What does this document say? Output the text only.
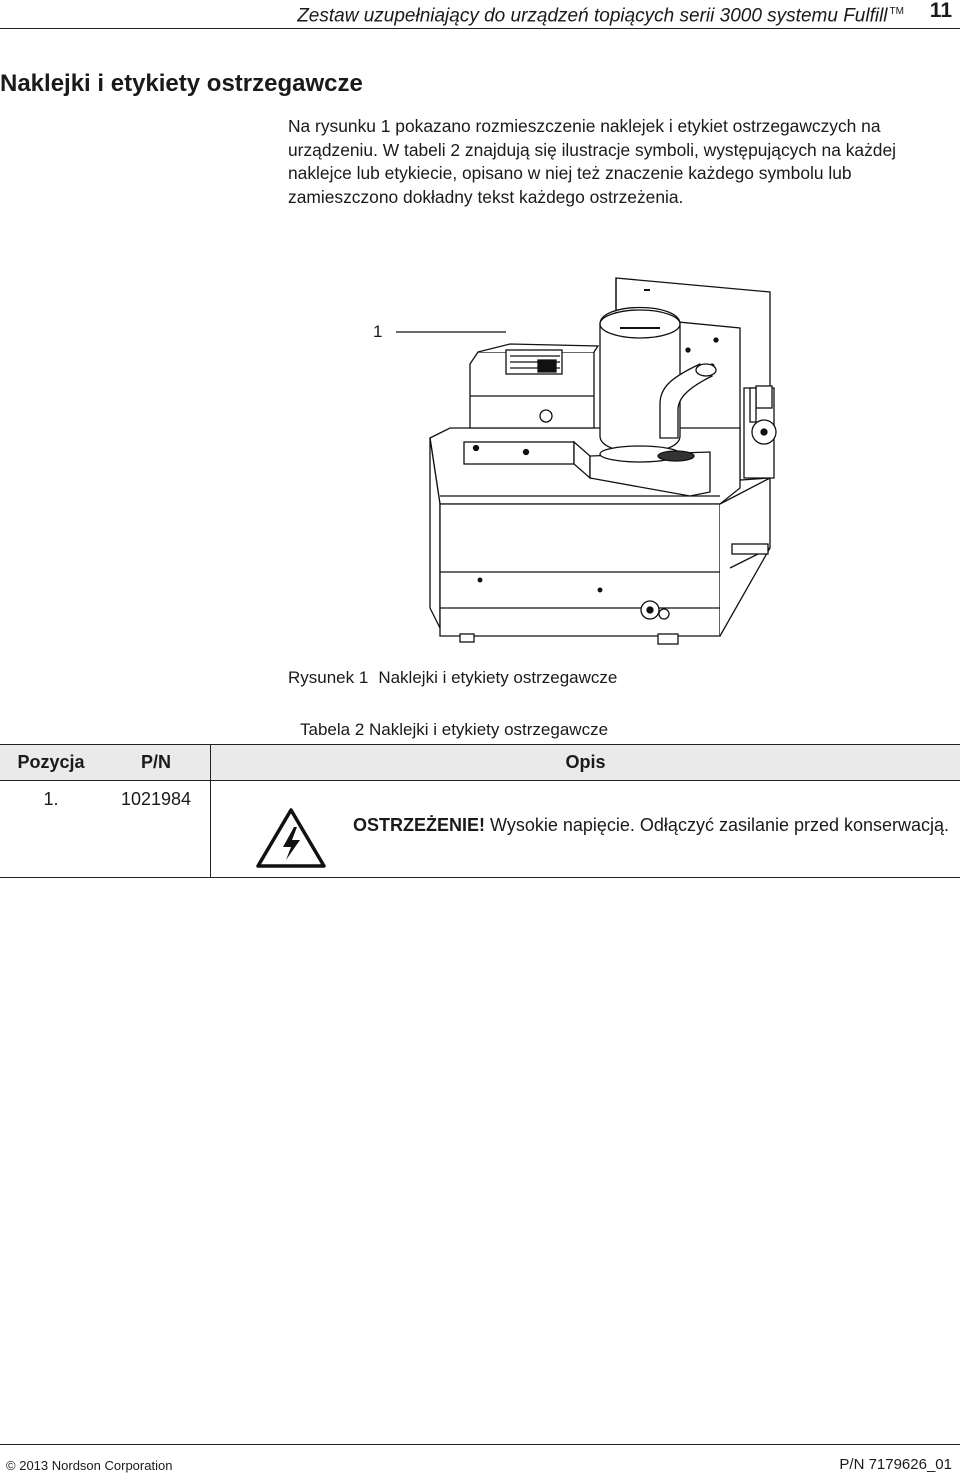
Zestaw uzupełniający do urządzeń topiących serii 3000 systemu Fulfill ™ 11
Naklejki i etykiety ostrzegawcze

Na rysunku 1 pokazano rozmieszczenie naklejek i etykiet ostrzegawczych na urządzeniu. W tabeli 2 znajdują się ilustracje symboli, występujących na każdej naklejce lub etykiecie, opisano w niej też znaczenie każdego symbolu lub zamieszczono dokładny tekst każdego ostrzeżenia.

1
Rysunek 1 Naklejki i etykiety ostrzegawcze
Tabela 2 Naklejki i etykiety ostrzegawcze
Pozycja	P/N	Opis
1.	1021984	OSTRZEŻENIE! Wysokie napięcie. Odłączyć zasilanie przed konserwacją.
© 2013 Nordson Corporation	P/N 7179626_01
